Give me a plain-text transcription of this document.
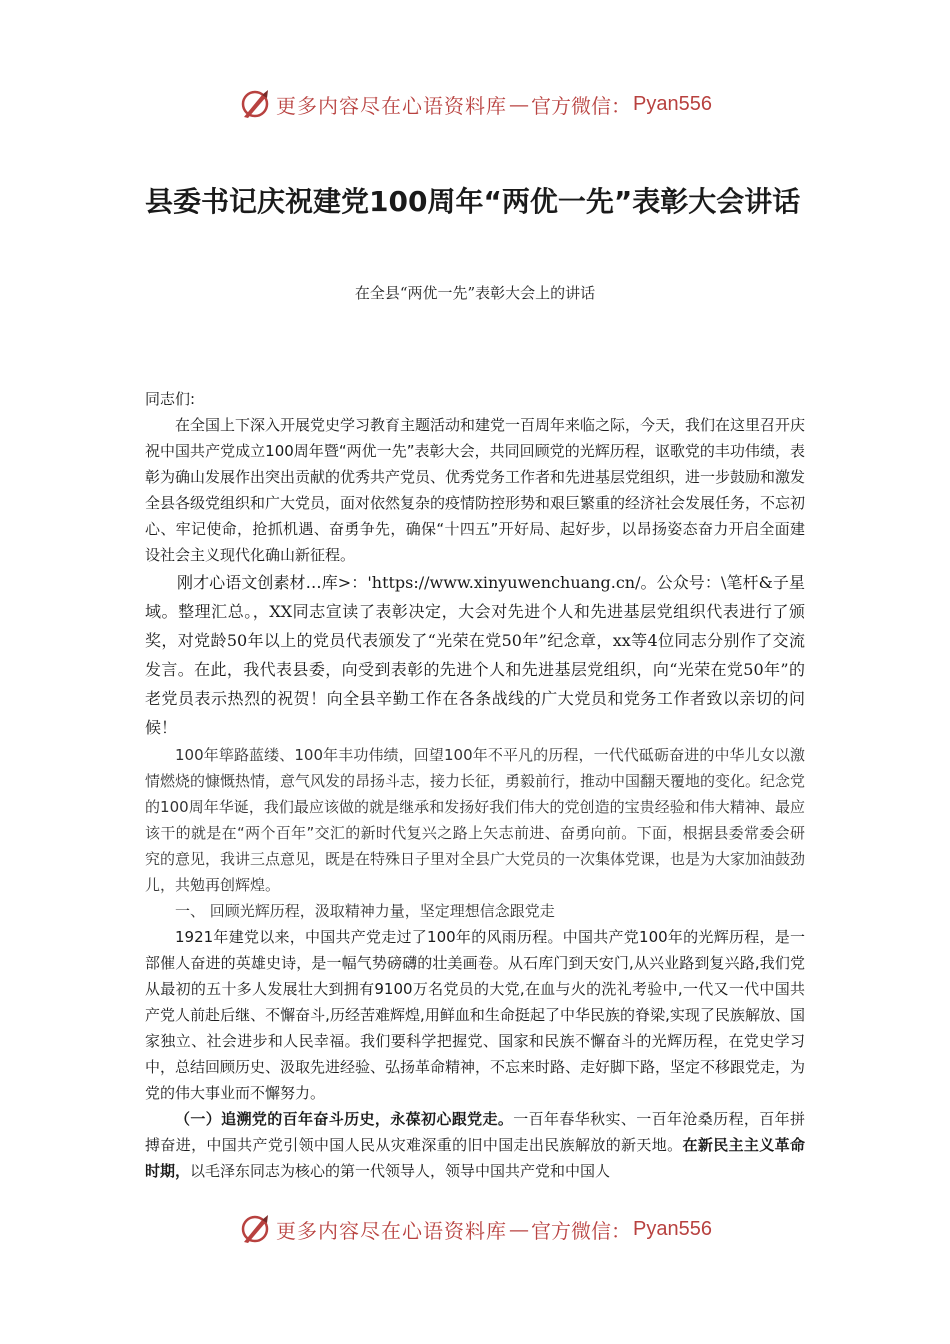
更多内容尽在心语资料库 — 官方微信： Pyan556
县委书记庆祝建党100周年“两优一先”表彰大会讲话
在全县“两优一先”表彰大会上的讲话

同志们:

在全国上下深入开展党史学习教育主题活动和建党一百周年来临之际，今天，我们在这里召开庆祝中国共产党成立100周年暨“两优一先”表彰大会，共同回顾党的光辉历程，讴歌党的丰功伟绩，表彰为确山发展作出突出贡献的优秀共产党员、优秀党务工作者和先进基层党组织，进一步鼓励和激发全县各级党组织和广大党员，面对依然复杂的疫情防控形势和艰巨繁重的经济社会发展任务，不忘初心、牢记使命，抢抓机遇、奋勇争先，确保“十四五”开好局、起好步，以昂扬姿态奋力开启全面建设社会主义现代化确山新征程。

刚才心语文创素材…库>：'https://www.xinyuwenchuang.cn/。公众号：\笔杆&子星域。整理汇总。，XX同志宣读了表彰决定，大会对先进个人和先进基层党组织代表进行了颁奖，对党龄50年以上的党员代表颁发了“光荣在党50年”纪念章，xx等4位同志分别作了交流发言。在此，我代表县委，向受到表彰的先进个人和先进基层党组织，向“光荣在党50年”的老党员表示热烈的祝贺！向全县辛勤工作在各条战线的广大党员和党务工作者致以亲切的问候！

100年筚路蓝缕、100年丰功伟绩，回望100年不平凡的历程，一代代砥砺奋进的中华儿女以激情燃烧的慷慨热情，意气风发的昂扬斗志，接力长征，勇毅前行，推动中国翻天覆地的变化。纪念党的100周年华诞，我们最应该做的就是继承和发扬好我们伟大的党创造的宝贵经验和伟大精神、最应该干的就是在“两个百年”交汇的新时代复兴之路上矢志前进、奋勇向前。下面，根据县委常委会研究的意见，我讲三点意见，既是在特殊日子里对全县广大党员的一次集体党课，也是为大家加油鼓劲儿，共勉再创辉煌。

一、 回顾光辉历程，汲取精神力量，坚定理想信念跟党走

1921年建党以来，中国共产党走过了100年的风雨历程。中国共产党100年的光辉历程，是一部催人奋进的英雄史诗，是一幅气势磅礴的壮美画卷。从石库门到天安门,从兴业路到复兴路,我们党从最初的五十多人发展壮大到拥有9100万名党员的大党,在血与火的洗礼考验中,一代又一代中国共产党人前赴后继、不懈奋斗,历经苦难辉煌,用鲜血和生命挺起了中华民族的脊梁,实现了民族解放、国家独立、社会进步和人民幸福。我们要科学把握党、国家和民族不懈奋斗的光辉历程，在党史学习中，总结回顾历史、汲取先进经验、弘扬革命精神，不忘来时路、走好脚下路，坚定不移跟党走，为党的伟大事业而不懈努力。

（一）追溯党的百年奋斗历史，永葆初心跟党走。一百年春华秋实、一百年沧桑历程，百年拼搏奋进，中国共产党引领中国人民从灾难深重的旧中国走出民族解放的新天地。在新民主主义革命时期，以毛泽东同志为核心的第一代领导人，领导中国共产党和中国人

更多内容尽在心语资料库 — 官方微信： Pyan556
